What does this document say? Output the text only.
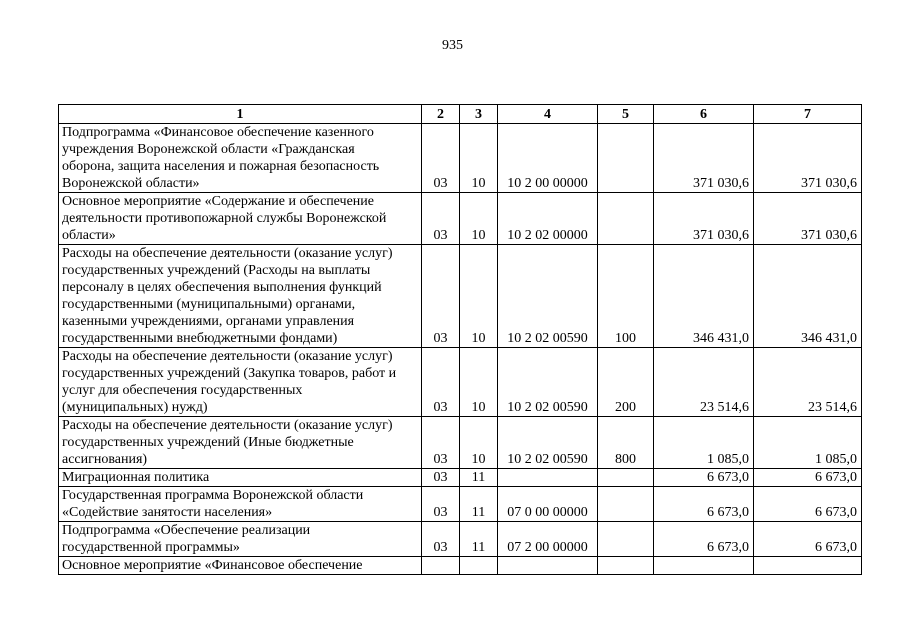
935
1	2	3	4	5	6	7

Подпрограмма «Финансовое обеспечение казенного учреждения Воронежской области «Гражданская оборона, защита населения и пожарная безопасность Воронежской области»	03	10	10 2 00 00000		371 030,6	371 030,6

Основное мероприятие «Содержание и обеспечение деятельности противопожарной службы Воронежской области»	03	10	10 2 02 00000		371 030,6	371 030,6

Расходы на обеспечение деятельности (оказание услуг) государственных учреждений (Расходы на выплаты персоналу в целях обеспечения выполнения функций государственными (муниципальными) органами, казенными учреждениями, органами управления государственными внебюджетными фондами)	03	10	10 2 02 00590	100	346 431,0	346 431,0

Расходы на обеспечение деятельности (оказание услуг) государственных учреждений (Закупка товаров, работ и услуг для обеспечения государственных (муниципальных) нужд)	03	10	10 2 02 00590	200	23 514,6	23 514,6

Расходы на обеспечение деятельности (оказание услуг) государственных учреждений (Иные бюджетные ассигнования)	03	10	10 2 02 00590	800	1 085,0	1 085,0

Миграционная политика	03	11			6 673,0	6 673,0

Государственная программа Воронежской области «Содействие занятости населения»	03	11	07 0 00 00000		6 673,0	6 673,0

Подпрограмма «Обеспечение реализации государственной программы»	03	11	07 2 00 00000		6 673,0	6 673,0

Основное мероприятие «Финансовое обеспечение						
